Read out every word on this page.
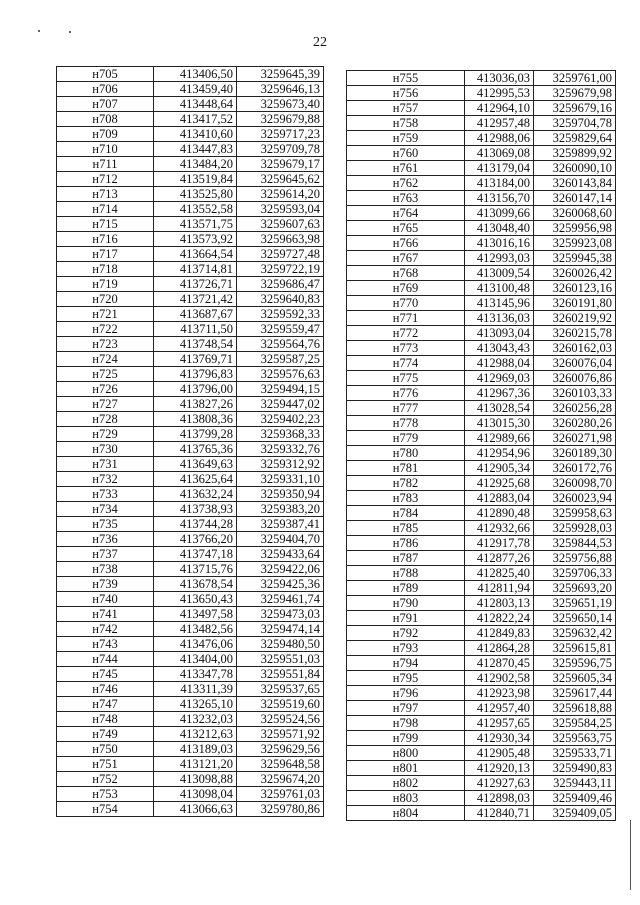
22
н705	413406,50	3259645,39
н706	413459,40	3259646,13
н707	413448,64	3259673,40
н708	413417,52	3259679,88
н709	413410,60	3259717,23
н710	413447,83	3259709,78
н711	413484,20	3259679,17
н712	413519,84	3259645,62
н713	413525,80	3259614,20
н714	413552,58	3259593,04
н715	413571,75	3259607,63
н716	413573,92	3259663,98
н717	413664,54	3259727,48
н718	413714,81	3259722,19
н719	413726,71	3259686,47
н720	413721,42	3259640,83
н721	413687,67	3259592,33
н722	413711,50	3259559,47
н723	413748,54	3259564,76
н724	413769,71	3259587,25
н725	413796,83	3259576,63
н726	413796,00	3259494,15
н727	413827,26	3259447,02
н728	413808,36	3259402,23
н729	413799,28	3259368,33
н730	413765,36	3259332,76
н731	413649,63	3259312,92
н732	413625,64	3259331,10
н733	413632,24	3259350,94
н734	413738,93	3259383,20
н735	413744,28	3259387,41
н736	413766,20	3259404,70
н737	413747,18	3259433,64
н738	413715,76	3259422,06
н739	413678,54	3259425,36
н740	413650,43	3259461,74
н741	413497,58	3259473,03
н742	413482,56	3259474,14
н743	413476,06	3259480,50
н744	413404,00	3259551,03
н745	413347,78	3259551,84
н746	413311,39	3259537,65
н747	413265,10	3259519,60
н748	413232,03	3259524,56
н749	413212,63	3259571,92
н750	413189,03	3259629,56
н751	413121,20	3259648,58
н752	413098,88	3259674,20
н753	413098,04	3259761,03
н754	413066,63	3259780,86
н755	413036,03	3259761,00
н756	412995,53	3259679,98
н757	412964,10	3259679,16
н758	412957,48	3259704,78
н759	412988,06	3259829,64
н760	413069,08	3259899,92
н761	413179,04	3260090,10
н762	413184,00	3260143,84
н763	413156,70	3260147,14
н764	413099,66	3260068,60
н765	413048,40	3259956,98
н766	413016,16	3259923,08
н767	412993,03	3259945,38
н768	413009,54	3260026,42
н769	413100,48	3260123,16
н770	413145,96	3260191,80
н771	413136,03	3260219,92
н772	413093,04	3260215,78
н773	413043,43	3260162,03
н774	412988,04	3260076,04
н775	412969,03	3260076,86
н776	412967,36	3260103,33
н777	413028,54	3260256,28
н778	413015,30	3260280,26
н779	412989,66	3260271,98
н780	412954,96	3260189,30
н781	412905,34	3260172,76
н782	412925,68	3260098,70
н783	412883,04	3260023,94
н784	412890,48	3259958,63
н785	412932,66	3259928,03
н786	412917,78	3259844,53
н787	412877,26	3259756,88
н788	412825,40	3259706,33
н789	412811,94	3259693,20
н790	412803,13	3259651,19
н791	412822,24	3259650,14
н792	412849,83	3259632,42
н793	412864,28	3259615,81
н794	412870,45	3259596,75
н795	412902,58	3259605,34
н796	412923,98	3259617,44
н797	412957,40	3259618,88
н798	412957,65	3259584,25
н799	412930,34	3259563,75
н800	412905,48	3259533,71
н801	412920,13	3259490,83
н802	412927,63	3259443,11
н803	412898,03	3259409,46
н804	412840,71	3259409,05
